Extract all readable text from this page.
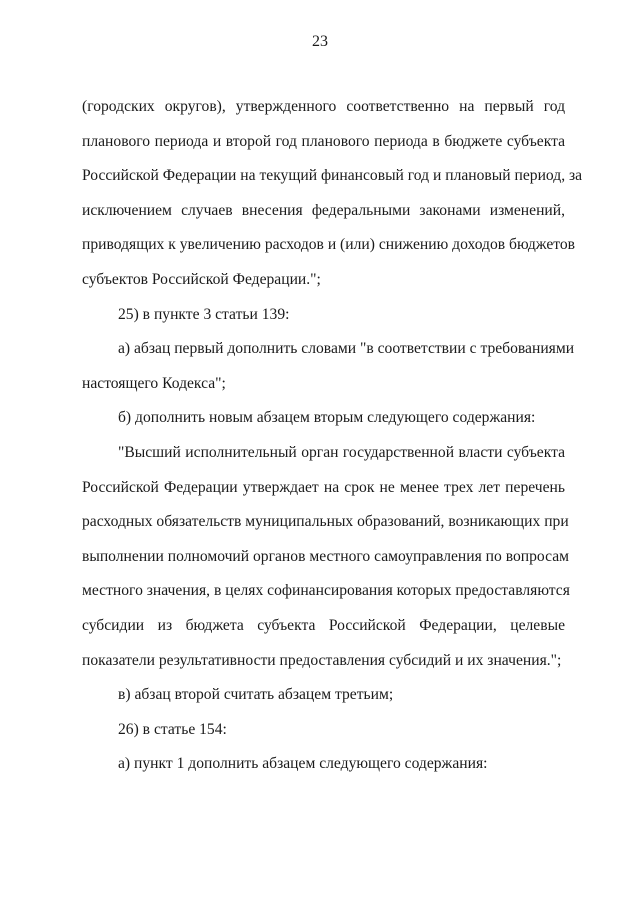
23
(городских округов), утвержденного соответственно на первый год
планового периода и второй год планового периода в бюджете субъекта
Российской Федерации на текущий финансовый год и плановый период, за
исключением случаев внесения федеральными законами изменений,
приводящих к увеличению расходов и (или) снижению доходов бюджетов
субъектов Российской Федерации.";
25) в пункте 3 статьи 139:
а) абзац первый дополнить словами "в соответствии с требованиями
настоящего Кодекса";
б) дополнить новым абзацем вторым следующего содержания:
"Высший исполнительный орган государственной власти субъекта
Российской Федерации утверждает на срок не менее трех лет перечень
расходных обязательств муниципальных образований, возникающих при
выполнении полномочий органов местного самоуправления по вопросам
местного значения, в целях софинансирования которых предоставляются
субсидии из бюджета субъекта Российской Федерации, целевые
показатели результативности предоставления субсидий и их значения.";
в) абзац второй считать абзацем третьим;
26) в статье 154:
а) пункт 1 дополнить абзацем следующего содержания:
